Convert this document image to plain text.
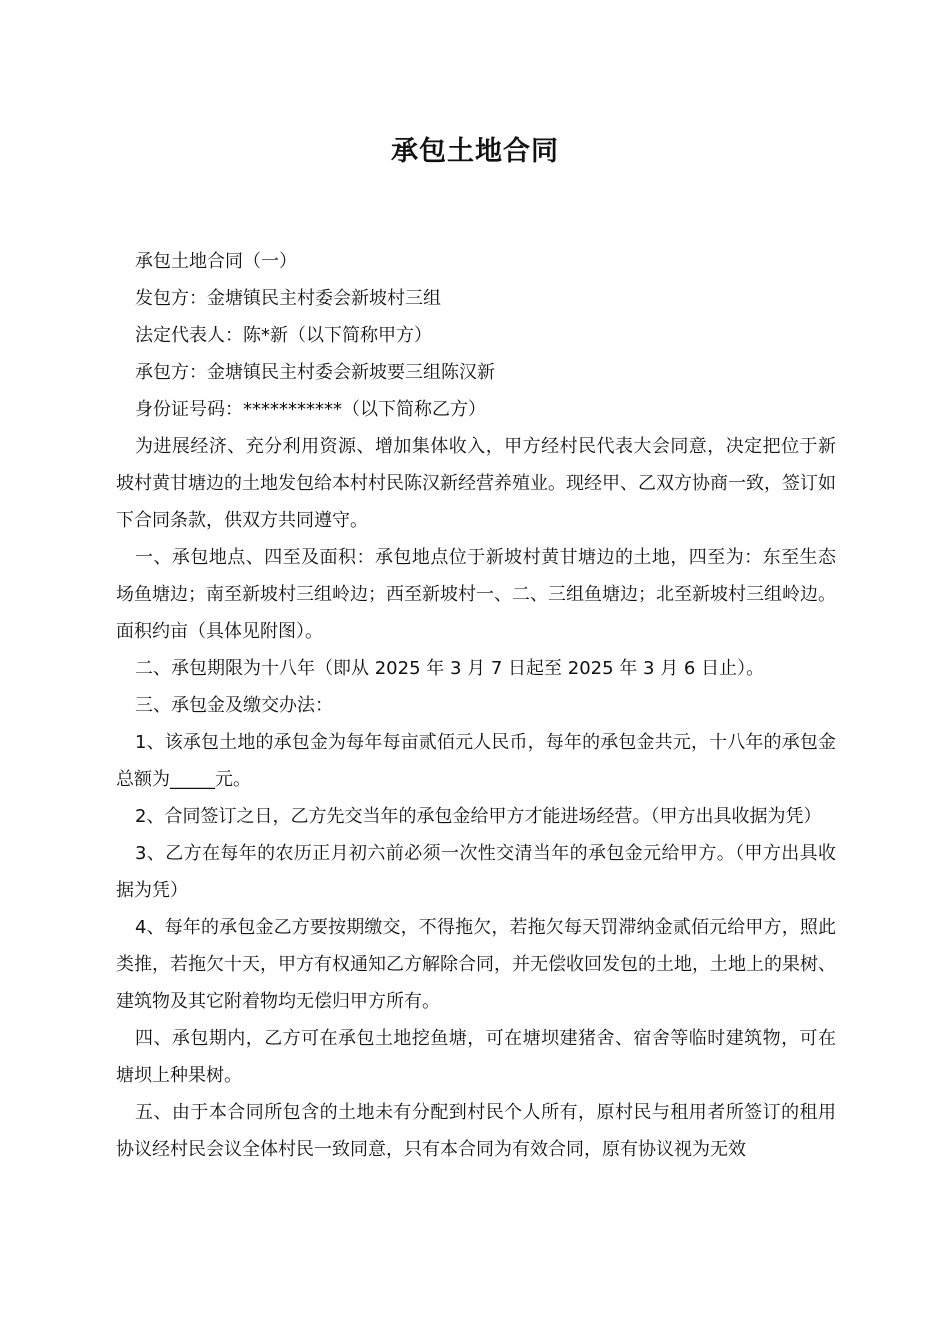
承包土地合同

承包土地合同（一）

发包方：金塘镇民主村委会新坡村三组

法定代表人：陈*新（以下简称甲方）

承包方：金塘镇民主村委会新坡要三组陈汉新

身份证号码：***********（以下简称乙方）

为进展经济、充分利用资源、增加集体收入，甲方经村民代表大会同意，决定把位于新坡村黄甘塘边的土地发包给本村村民陈汉新经营养殖业。现经甲、乙双方协商一致，签订如下合同条款，供双方共同遵守。

一、承包地点、四至及面积：承包地点位于新坡村黄甘塘边的土地，四至为：东至生态场鱼塘边；南至新坡村三组岭边；西至新坡村一、二、三组鱼塘边；北至新坡村三组岭边。面积约亩（具体见附图）。

二、承包期限为十八年（即从 2025 年 3 月 7 日起至 2025 年 3 月 6 日止）。

三、承包金及缴交办法：

1、该承包土地的承包金为每年每亩贰佰元人民币，每年的承包金共元，十八年的承包金总额为_____元。

2、合同签订之日，乙方先交当年的承包金给甲方才能进场经营。（甲方出具收据为凭）

3、乙方在每年的农历正月初六前必须一次性交清当年的承包金元给甲方。（甲方出具收据为凭）

4、每年的承包金乙方要按期缴交，不得拖欠，若拖欠每天罚滞纳金贰佰元给甲方，照此类推，若拖欠十天，甲方有权通知乙方解除合同，并无偿收回发包的土地，土地上的果树、建筑物及其它附着物均无偿归甲方所有。

四、承包期内，乙方可在承包土地挖鱼塘，可在塘坝建猪舍、宿舍等临时建筑物，可在塘坝上种果树。

五、由于本合同所包含的土地未有分配到村民个人所有，原村民与租用者所签订的租用协议经村民会议全体村民一致同意，只有本合同为有效合同，原有协议视为无效
